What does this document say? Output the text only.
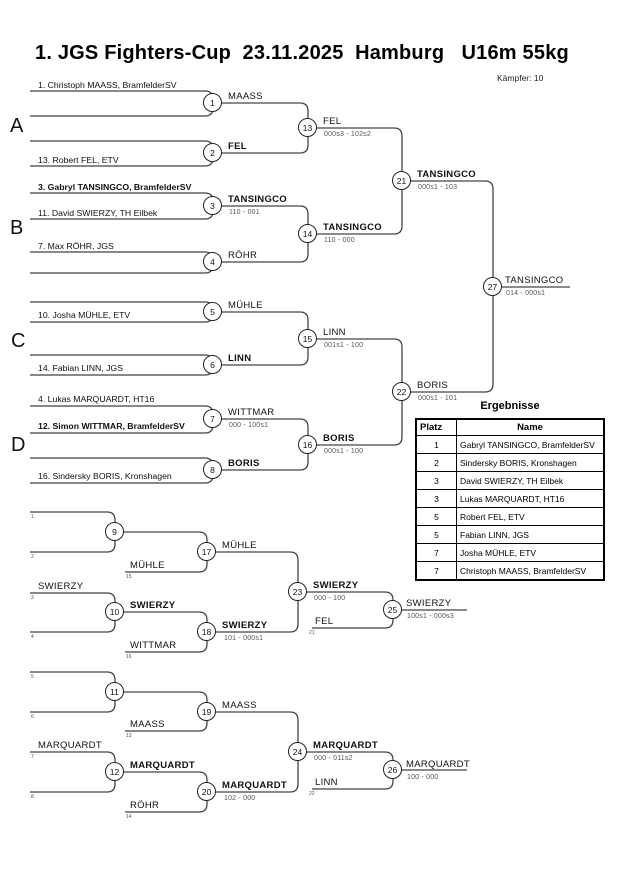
1. JGS Fighters-Cup  23.11.2025  Hamburg   U16m 55kg
Kämpfer: 10
A
B
C
D
1. Christoph MAASS, BramfelderSV
13. Robert FEL, ETV
3. Gabryl TANSINGCO, BramfelderSV
11. David SWIERZY, TH Eilbek
7. Max RÖHR, JGS
10. Josha MÜHLE, ETV
14. Fabian LINN, JGS
4. Lukas MARQUARDT, HT16
12. Simon WITTMAR, BramfelderSV
16. Sindersky BORIS, Kronshagen
1
2
3
4
5
6
7
8
13
14
15
16
21
22
27
9
10
17
18
23
25
11
12
19
20
24
26
MAASS
FEL
TANSINGCO
110 - 001
RÖHR
MÜHLE
LINN
WITTMAR
000 - 100s1
BORIS
FEL
000s3 - 102s2
TANSINGCO
110 - 000
LINN
001s1 - 100
BORIS
000s1 - 100
TANSINGCO
000s1 - 103
BORIS
000s1 - 101
TANSINGCO
014 - 000s1
1
2
MÜHLE
15
MÜHLE
SWIERZY
3
4
SWIERZY
WITTMAR
16
SWIERZY
101 - 000s1
SWIERZY
000 - 100
FEL
21
SWIERZY
100s1 - 000s3
5
6
MAASS
13
MAASS
MARQUARDT
7
8
MARQUARDT
RÖHR
14
MARQUARDT
102 - 000
MARQUARDT
000 - 011s2
LINN
22
MARQUARDT
100 - 000
Ergebnisse
Platz	Name
1	Gabryl TANSINGCO, BramfelderSV
2	Sindersky BORIS, Kronshagen
3	David SWIERZY, TH Eilbek
3	Lukas MARQUARDT, HT16
5	Robert FEL, ETV
5	Fabian LINN, JGS
7	Josha MÜHLE, ETV
7	Christoph MAASS, BramfelderSV
